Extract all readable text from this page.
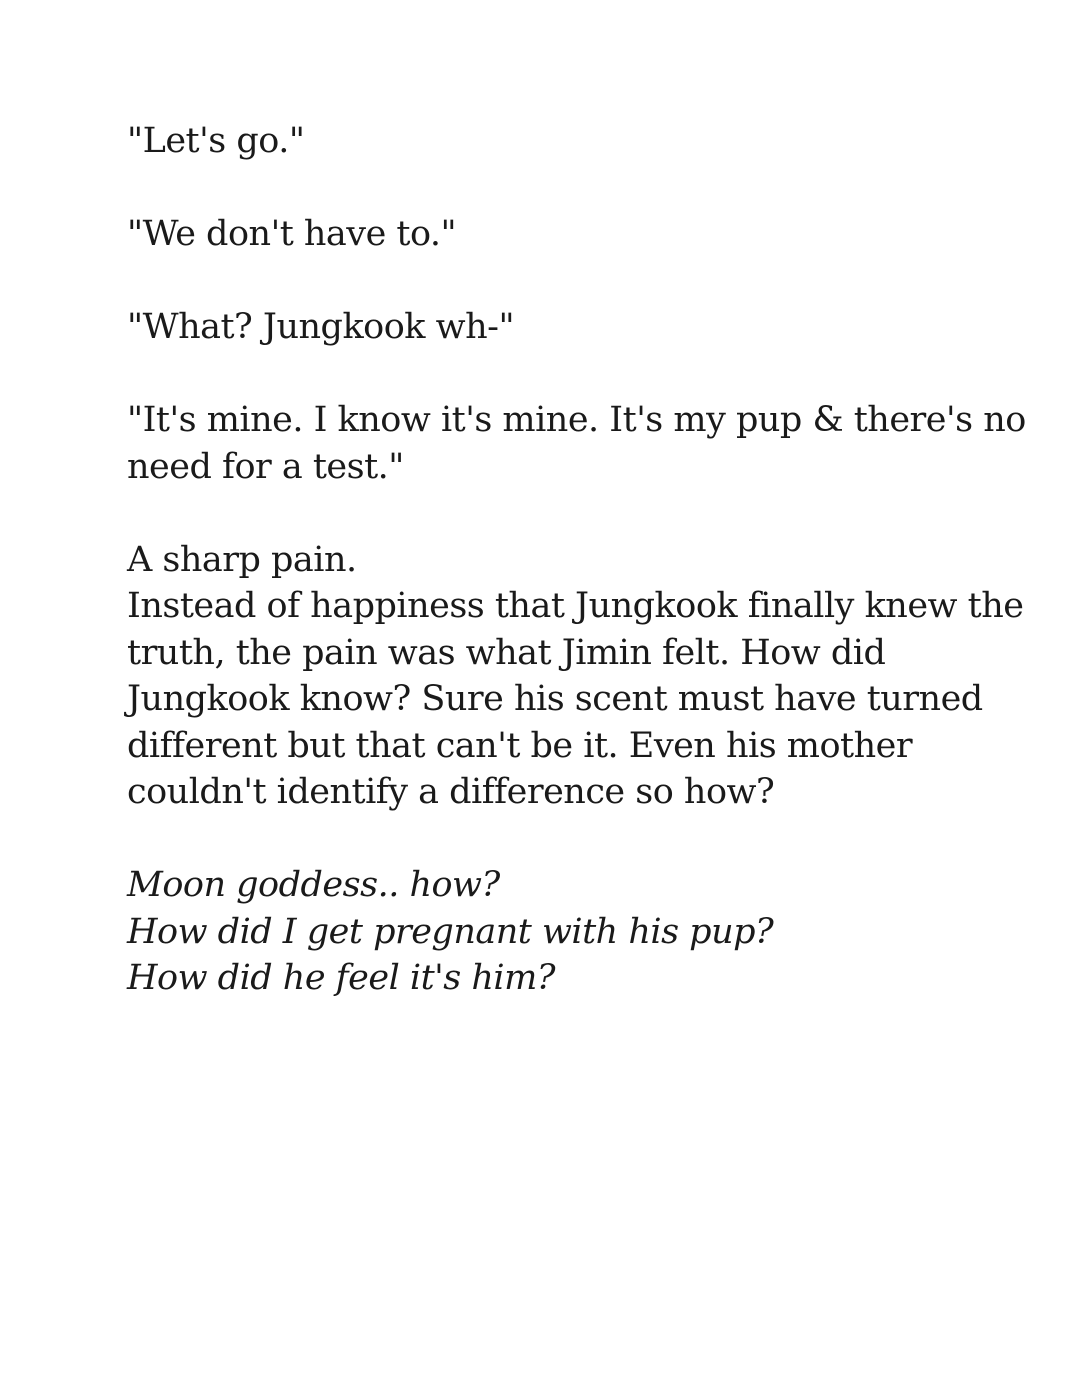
"Let's go."

"We don't have to."

"What? Jungkook wh-"

"It's mine. I know it's mine. It's my pup & there's no
need for a test."

A sharp pain.
Instead of happiness that Jungkook finally knew the
truth, the pain was what Jimin felt. How did
Jungkook know? Sure his scent must have turned
different but that can't be it. Even his mother
couldn't identify a difference so how?

Moon goddess.. how?
How did I get pregnant with his pup?
How did he feel it's him?
